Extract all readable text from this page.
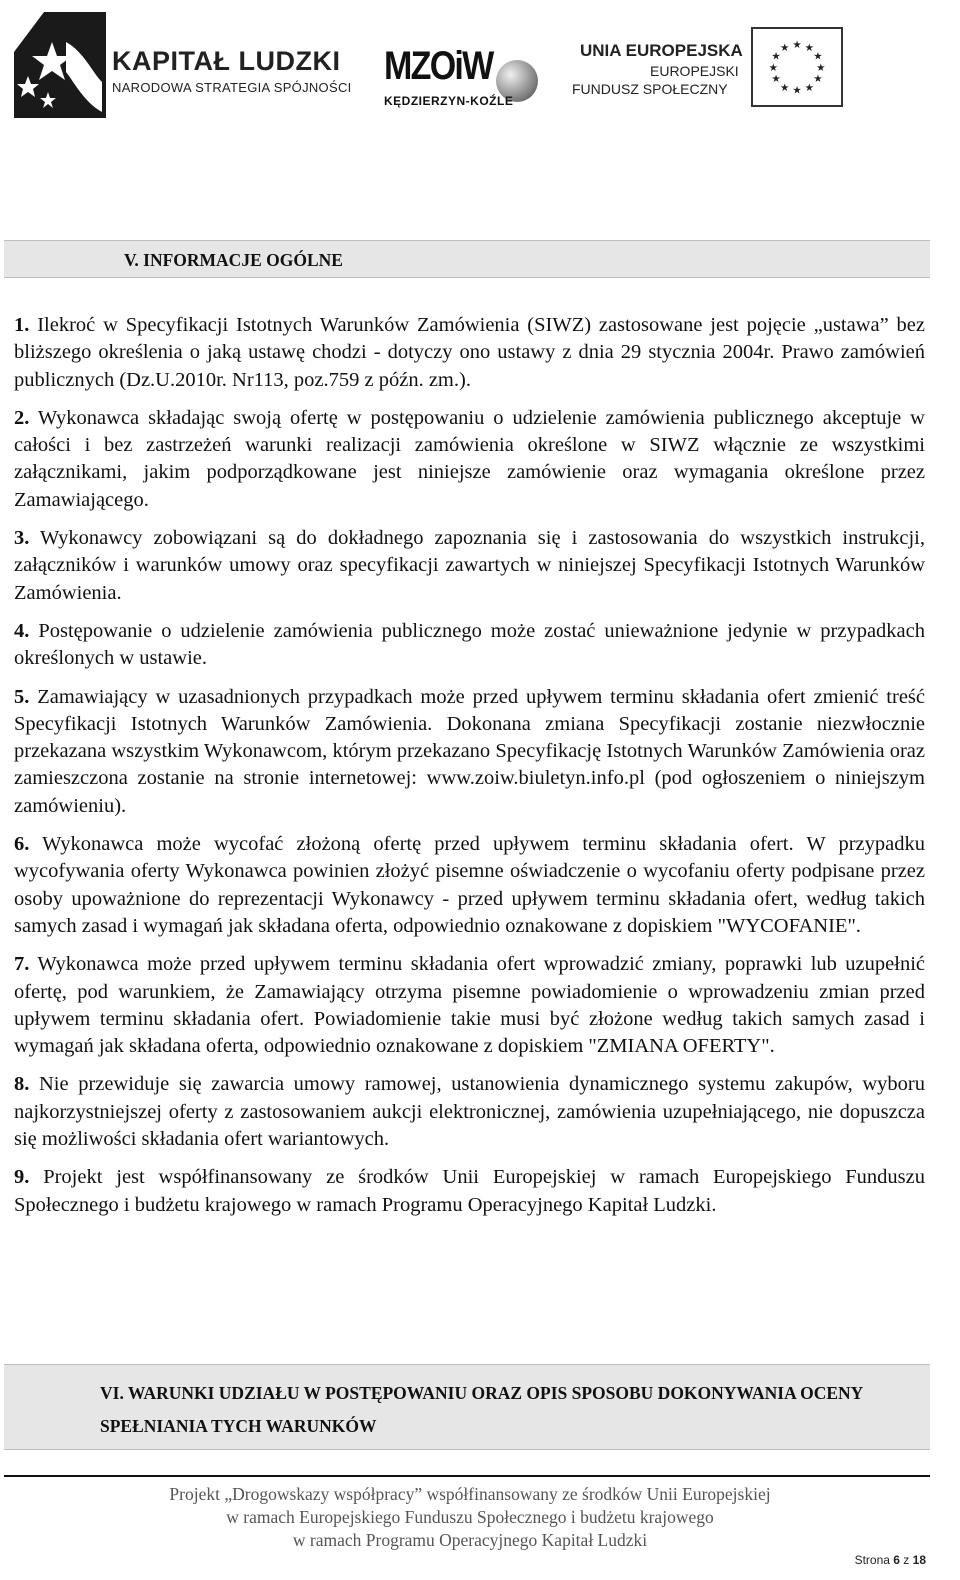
KAPITAŁ LUDZKI
NARODOWA STRATEGIA SPÓJNOŚCI MZOiW
KĘDZIERZYN-KOŹLE
UNIA EUROPEJSKA
EUROPEJSKI
FUNDUSZ SPOŁECZNY
★ ★
★
★
★
★
★
★
★
★
★
★
V. INFORMACJE OGÓLNE

1. Ilekroć w Specyfikacji Istotnych Warunków Zamówienia (SIWZ) zastosowane jest pojęcie „ustawa” bez bliższego określenia o jaką ustawę chodzi - dotyczy ono ustawy z dnia 29 stycznia 2004r. Prawo zamówień publicznych (Dz.U.2010r. Nr113, poz.759 z późn. zm.).

2. Wykonawca składając swoją ofertę w postępowaniu o udzielenie zamówienia publicznego akceptuje w całości i bez zastrzeżeń warunki realizacji zamówienia określone w SIWZ włącznie ze wszystkimi załącznikami, jakim podporządkowane jest niniejsze zamówienie oraz wymagania określone przez Zamawiającego.

3. Wykonawcy zobowiązani są do dokładnego zapoznania się i zastosowania do wszystkich instrukcji, załączników i warunków umowy oraz specyfikacji zawartych w niniejszej Specyfikacji Istotnych Warunków Zamówienia.

4. Postępowanie o udzielenie zamówienia publicznego może zostać unieważnione jedynie w przypadkach określonych w ustawie.

5. Zamawiający w uzasadnionych przypadkach może przed upływem terminu składania ofert zmienić treść Specyfikacji Istotnych Warunków Zamówienia. Dokonana zmiana Specyfikacji zostanie niezwłocznie przekazana wszystkim Wykonawcom, którym przekazano Specyfikację Istotnych Warunków Zamówienia oraz zamieszczona zostanie na stronie internetowej: www.zoiw.biuletyn.info.pl (pod ogłoszeniem o niniejszym zamówieniu).

6. Wykonawca może wycofać złożoną ofertę przed upływem terminu składania ofert. W przypadku wycofywania oferty Wykonawca powinien złożyć pisemne oświadczenie o wycofaniu oferty podpisane przez osoby upoważnione do reprezentacji Wykonawcy - przed upływem terminu składania ofert, według takich samych zasad i wymagań jak składana oferta, odpowiednio oznakowane z dopiskiem "WYCOFANIE".

7. Wykonawca może przed upływem terminu składania ofert wprowadzić zmiany, poprawki lub uzupełnić ofertę, pod warunkiem, że Zamawiający otrzyma pisemne powiadomienie o wprowadzeniu zmian przed upływem terminu składania ofert. Powiadomienie takie musi być złożone według takich samych zasad i wymagań jak składana oferta, odpowiednio oznakowane z dopiskiem "ZMIANA OFERTY".

8. Nie przewiduje się zawarcia umowy ramowej, ustanowienia dynamicznego systemu zakupów, wyboru najkorzystniejszej oferty z zastosowaniem aukcji elektronicznej, zamówienia uzupełniającego, nie dopuszcza się możliwości składania ofert wariantowych.

9. Projekt jest współfinansowany ze środków Unii Europejskiej w ramach Europejskiego Funduszu Społecznego i budżetu krajowego w ramach Programu Operacyjnego Kapitał Ludzki.

VI. WARUNKI UDZIAŁU W POSTĘPOWANIU ORAZ OPIS SPOSOBU DOKONYWANIA OCENY SPEŁNIANIA TYCH WARUNKÓW
Projekt „Drogowskazy współpracy” współfinansowany ze środków Unii Europejskiej
w ramach Europejskiego Funduszu Społecznego i budżetu krajowego
w ramach Programu Operacyjnego Kapitał Ludzki
Strona 6 z 18
